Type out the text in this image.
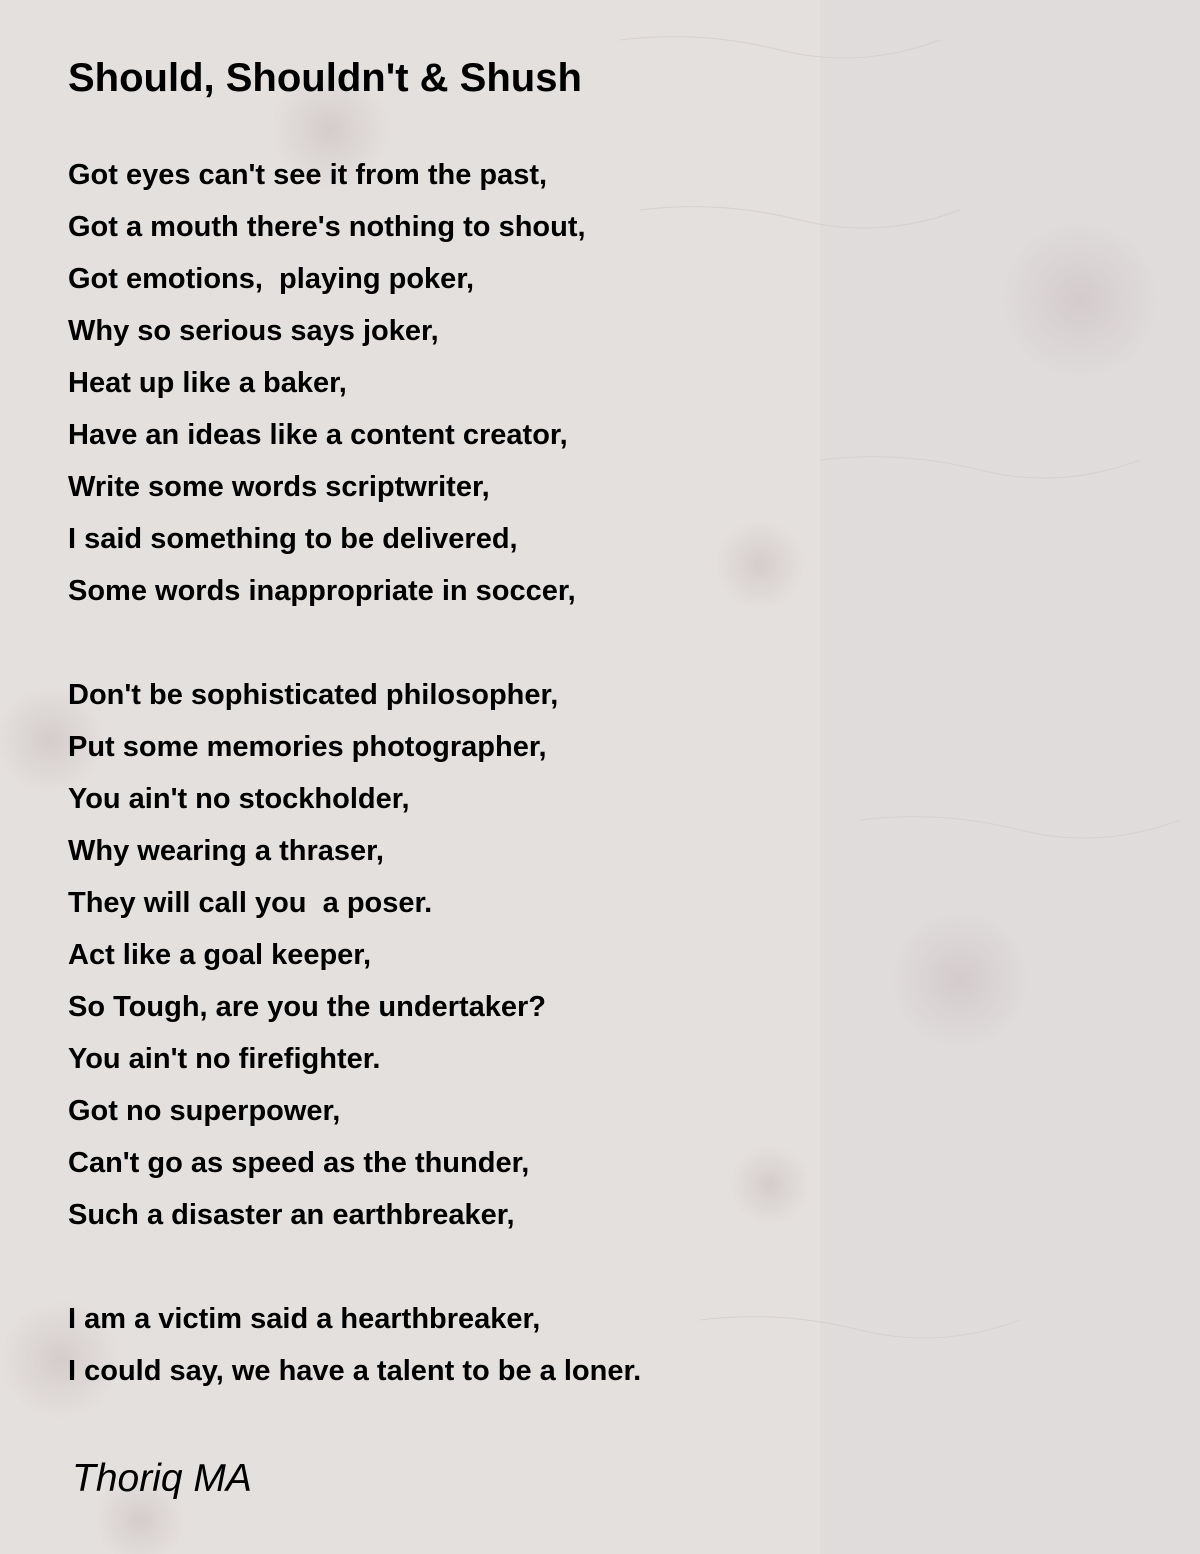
Should, Shouldn't & Shush
Got eyes can't see it from the past,
Got a mouth there's nothing to shout,
Got emotions,  playing poker,
Why so serious says joker,
Heat up like a baker,
Have an ideas like a content creator,
Write some words scriptwriter,
I said something to be delivered,
Some words inappropriate in soccer,
Don't be sophisticated philosopher,
Put some memories photographer,
You ain't no stockholder,
Why wearing a thraser,
They will call you  a poser.
Act like a goal keeper,
So Tough, are you the undertaker?
You ain't no firefighter.
Got no superpower,
Can't go as speed as the thunder,
Such a disaster an earthbreaker,
I am a victim said a hearthbreaker,
I could say, we have a talent to be a loner.
Thoriq MA
